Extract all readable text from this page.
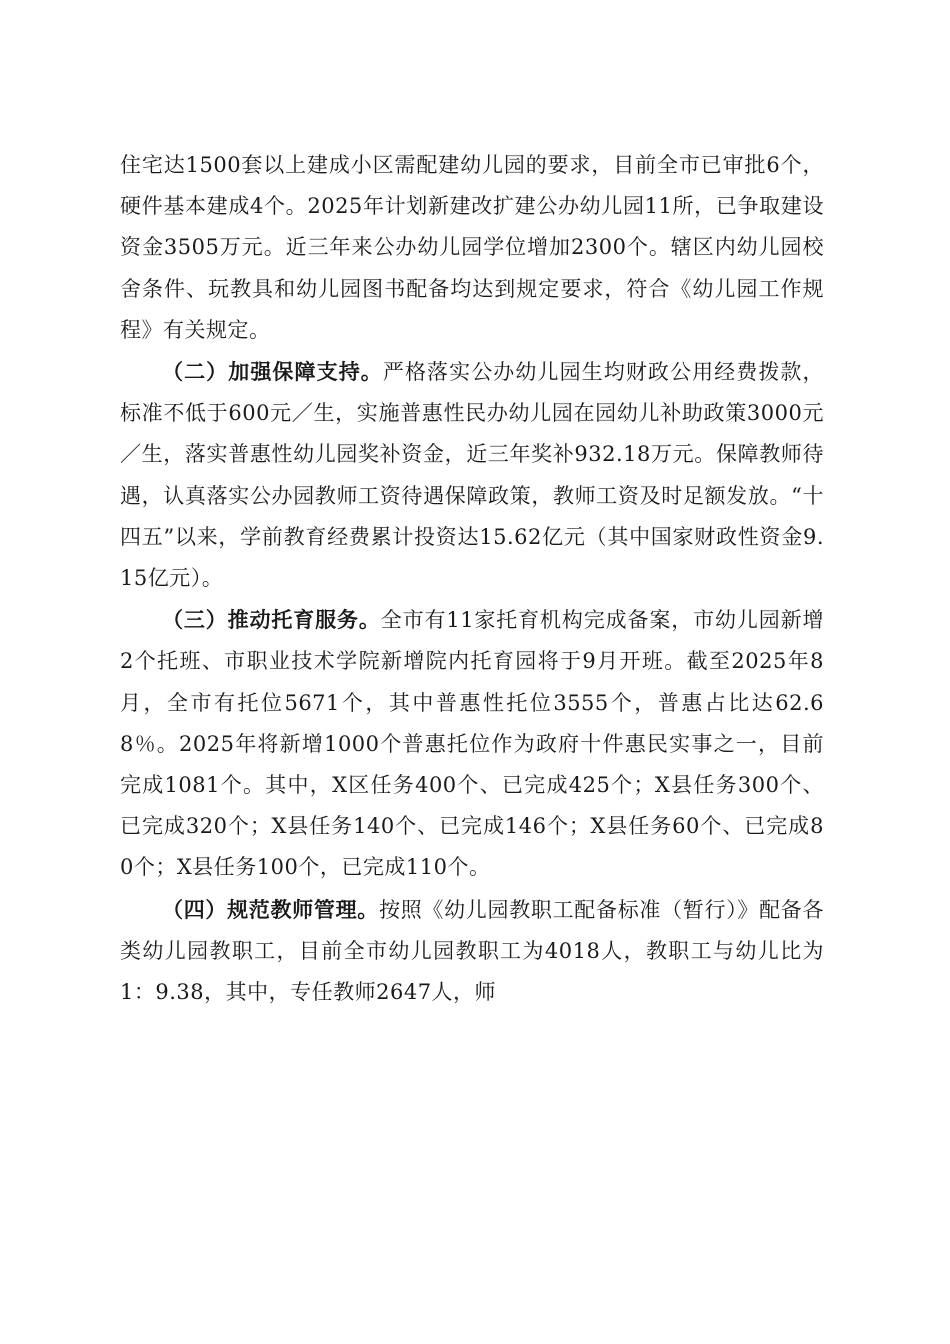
住宅达1500套以上建成小区需配建幼儿园的要求，目前全市已审批6个，硬件基本建成4个。2025年计划新建改扩建公办幼儿园11所，已争取建设资金3505万元。近三年来公办幼儿园学位增加2300个。辖区内幼儿园校舍条件、玩教具和幼儿园图书配备均达到规定要求，符合《幼儿园工作规程》有关规定。

（二）加强保障支持。严格落实公办幼儿园生均财政公用经费拨款，标准不低于600元／生，实施普惠性民办幼儿园在园幼儿补助政策3000元／生，落实普惠性幼儿园奖补资金，近三年奖补932.18万元。保障教师待遇，认真落实公办园教师工资待遇保障政策，教师工资及时足额发放。“十四五”以来，学前教育经费累计投资达15.62亿元（其中国家财政性资金9.15亿元）。

（三）推动托育服务。全市有11家托育机构完成备案，市幼儿园新增2个托班、市职业技术学院新增院内托育园将于9月开班。截至2025年8月，全市有托位5671个，其中普惠性托位3555个，普惠占比达62.68％。2025年将新增1000个普惠托位作为政府十件惠民实事之一，目前完成1081个。其中，X区任务400个、已完成425个；X县任务300个、已完成320个；X县任务140个、已完成146个；X县任务60个、已完成80个；X县任务100个，已完成110个。

（四）规范教师管理。按照《幼儿园教职工配备标准（暂行）》配备各类幼儿园教职工，目前全市幼儿园教职工为4018人，教职工与幼儿比为1：9.38，其中，专任教师2647人，师
